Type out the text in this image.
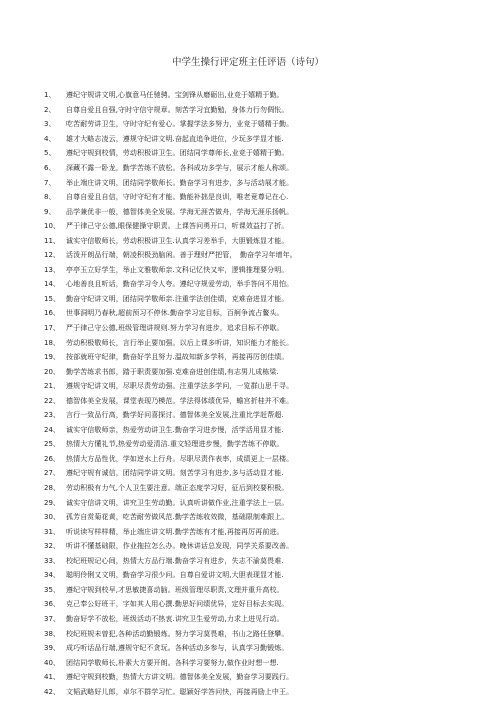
中学生操行评定班主任评语（诗句）
1、	遵纪守规讲文明,心旗意马任驰骋。宝剑锋从磨砺出,业竞于嬉精于勤。
2、	自尊自爱且自强,守时守信守规章。刻苦学习宜勤勉，身体力行勿倜怅。
3、	吃苦耐劳讲卫生，守时守纪有爱心。掌握学法多努力，业竞于嬉精于勤。
4、	雄才大略志凌云，遵规守纪讲文明.奋起直追争进位，少玩多学显才能.
5、	遵纪守规到校情，劳动积极讲卫生。团结同学尊师长,业竞于嬉精于勤。
6、	深藏不露一卧龙，勤学苦练不放松。各科成功多学与，展示才能人称颂。
7、	举止端庄讲文明，团结同学敬师长。勤奋学习有进步，多与活动展才能。
8、	自尊自爱且自信，守时守纪有才能。勤能补拙是良训，唯老竟尊记在心.
9、	品学兼优非一般，德智体美全发展。学海无涯苦做舟，学海无涯乐扬帆。
10、 严于律己守公德,眼保健操守职责。上课答问勇开口，听课效益打了折。
11、 诚实守信敬师长，劳动积极讲卫生.认真学习差举手，大胆锻炼显才能。
12、 活泼开朗品行端，朝凌积极劲脑闲。善于理财严把管，　勤奋学习年增年。
13、 亭亭玉立好学生，举止文雅敬师亲.文科记忆快又牢，逻辑推理要分明。
14、 心地善良且听话，勤奋学习令人夸。遵纪守规爱劳动，举手答问不用怕。
15、 勤奋守纪讲文明，团结同学敬师亲.注重学法创佳绩，克难奋进显才能。
16、 世事洞明乃春秋,超前预习不停休.勤奋学习定目标，百舸争流占鳌头。
17、 严于律己守公德,班级管理讲规则.努力学习有进步，追求目标不停歇。
18、 劳动积极敬师长，言行举止要加强。以后上课多听讲，知识能力才能长。
19、 按部就班守纪律，勤奋好学且努力.温故知新多学科，再接再厉创佳绩。
20、 勤学苦练求书郎，踏于职责要加强.克难奋进创佳绩,有志男儿成栋梁.
21、 遵规守纪讲文明，尽职尽责劳动强。注重学法多学问，一览群山思千寻。
22、 德智体美全发展，课堂表现乃模范。学法得体绩优异，蟾宫折桂并不难。
23、 言行一致品行高，勤学好问喜探讨。德智体美全发展,注重比学赶帮超.
24、 诚实守信敬师亲，热爱劳动讲卫生.勤奋学习进步慢，活学活用显才能.
25、 热情大方懂礼节,热爱劳动爱清洁.重文轻理进步慢，勤学苦练不停歇。
26、 热情大方品性优，学如逆水上行舟。尽职尽责作表率，成绩更上一层楼。
27、 遵纪守规有诚信，团结同学讲文明。刻苦学习有进步,多与活动显才能.
28、 劳动积极有力气,个人卫生要注意。端正态度学习好，征后到校要积极。
29、 诚实守信讲文明，讲究卫生劳动勤。认真听讲做作业,注重学法上一层。
30、 孤芳自赏菊花黄，吃苦耐劳做风范.勤学苦练收效微，基础限制难跟上。
31、 听说读写样样精，举止端庄讲文明.勤学苦练有才能,再接再厉再前进。
32、 听讲不懂基础限，作业拖拉怎么办。晚休讲话总发现，同学关系要改善。
33、 校纪班规记心间，热情大方品行端.勤奋学习有进步，失志不渝莫畏难.
34、 聪明伶俐又文明，勤奋学习很少问。自尊自爱讲文明,大胆表现显才能.
35、 遵纪守规到校早,才思敏捷喜动脑。班级管理尽职责,文理并重升高校。
36、 克己奉公好班干，字如其人用心撰.勤思好问绩优异，定好目标去实现。
37、 勤奋好学不放松，班级活动不热衷.讲究卫生爱劳动,力求上进见行动。
38、 校纪班规未曾犯,各种活动勤锻炼。努力学习莫畏难，书山之路任登攀。
39、 成巧听话品行端,遵规守纪不贪玩。各种活动多参与，认真学习勤锻炼。
40、 团结同学敬师长,朴素大方要开朗。各科学习要努力,做作业时想一想.
41、 遵纪守规到校勤，热情大方讲文明。德智体美全发展，勤奋学习要践行。
42、 文韬武略好儿郎，卓尔不群学习忙。聪颖好学答问快，再接再励上中王。
